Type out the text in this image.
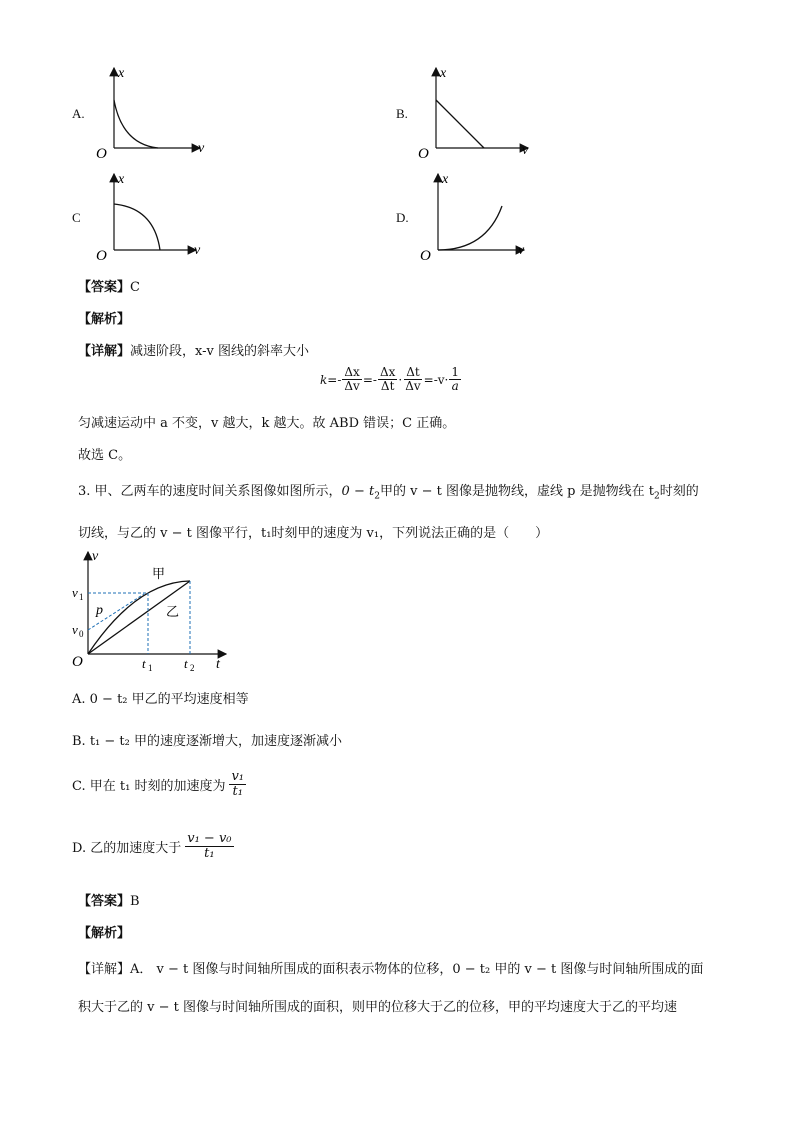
A.
x
v
O
B.
x
v
O
C
x
v
O
D.
x
v
O
【答案】C
【解析】
【详解】减速阶段，x-v 图线的斜率大小
$k=- \frac{\Delta x}{\Delta v} =- \frac{\Delta x}{\Delta t} \cdot \frac{\Delta t}{\Delta v} =-v\cdot \frac{1}{a}$
匀减速运动中 a 不变，v 越大，k 越大。故 ABD 错误；C 正确。
故选 C。
3. 甲、乙两车的速度时间关系图像如图所示，$0 - t_2$甲的 v − t 图像是抛物线，虚线 p 是抛物线在 $t_2$时刻的
切线，与乙的 v − t 图像平行，t₁时刻甲的速度为 v₁，下列说法正确的是（　　）
v
t
O
v 1
v 0
t 1 t 2
甲
乙
p
A. 0 − t₂ 甲乙的平均速度相等
B. t₁ − t₂ 甲的速度逐渐增大，加速度逐渐减小
C. 甲在 t₁ 时刻的加速度为 $\frac{\text{v₁}}{\text{t₁}}$
D. 乙的加速度大于 $\frac{\text{v₁ − v₀}}{\text{t₁}}$
【答案】B
【解析】
【详解】A． v − t 图像与时间轴所围成的面积表示物体的位移，0 − t₂ 甲的 v − t 图像与时间轴所围成的面
积大于乙的 v − t 图像与时间轴所围成的面积，则甲的位移大于乙的位移，甲的平均速度大于乙的平均速
